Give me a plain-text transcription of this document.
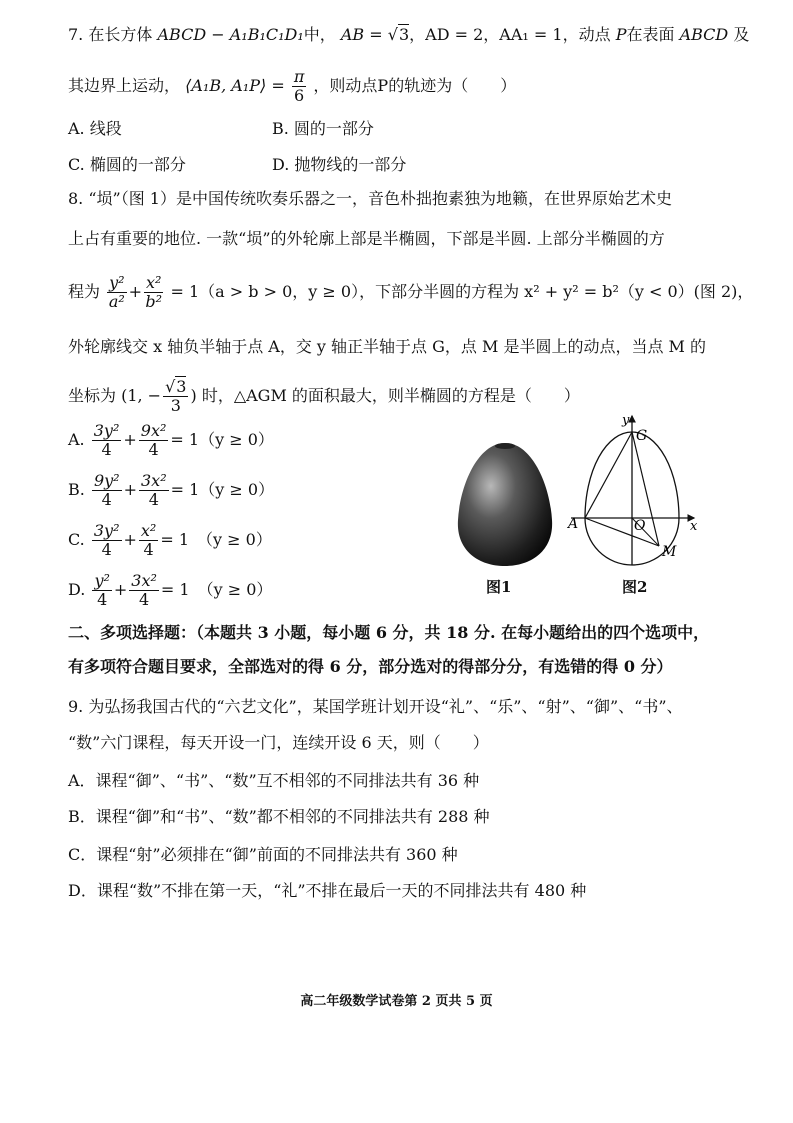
7. 在长方体 ABCD − A₁B₁C₁D₁中， AB = √3，AD = 2，AA₁ = 1，动点 P在表面 ABCD 及
其边界上运动， ⟨A₁B, A₁P⟩ = $\frac{\pi}{6}$ ，则动点P的轨迹为（　　）
A. 线段	B. 圆的一部分
C. 椭圆的一部分	D. 抛物线的一部分
8. “埙”（图 1）是中国传统吹奏乐器之一，音色朴拙抱素独为地籁，在世界原始艺术史
上占有重要的地位. 一款“埙”的外轮廓上部是半椭圆，下部是半圆. 上部分半椭圆的方
程为 $\frac{\text{y²}}{\text{a²}} + \frac{\text{x²}}{\text{b²}} = 1(a > b > 0$，y ≥ 0），下部分半圆的方程为 x² + y² = b²（y < 0）(图 2)，
外轮廓线交 x 轴负半轴于点 A，交 y 轴正半轴于点 G，点 M 是半圆上的动点，当点 M 的
坐标为 (1, − $\frac{√3}{3}$ ) 时，△AGM 的面积最大，则半椭圆的方程是（　　）
A. $\frac{\text{3y²}}{4} + \frac{\text{9x²}}{4} = 1(y \ge 0)$
B. $\frac{\text{9y²}}{4} + \frac{\text{3x²}}{4} = 1(y \ge 0)$
C. $\frac{\text{3y²}}{4} + \frac{\text{x²}}{4} = 1$　（y ≥ 0）
D. $\frac{\text{y²}}{4} + \frac{\text{3x²}}{4} = 1$　（y ≥ 0）	图1
y
G
A	O	x
M
图2
二、多项选择题：（本题共 3 小题，每小题 6 分，共 18 分. 在每小题给出的四个选项中，
有多项符合题目要求，全部选对的得 6 分，部分选对的得部分分，有选错的得 0 分）
9. 为弘扬我国古代的“六艺文化”，某国学班计划开设“礼”、“乐”、“射”、“御”、“书”、
“数”六门课程，每天开设一门，连续开设 6 天，则（　　）
A．课程“御”、“书”、“数”互不相邻的不同排法共有 36 种
B．课程“御”和“书”、“数”都不相邻的不同排法共有 288 种
C．课程“射”必须排在“御”前面的不同排法共有 360 种
D．课程“数”不排在第一天，“礼”不排在最后一天的不同排法共有 480 种
高二年级数学试卷第 2 页共 5 页
